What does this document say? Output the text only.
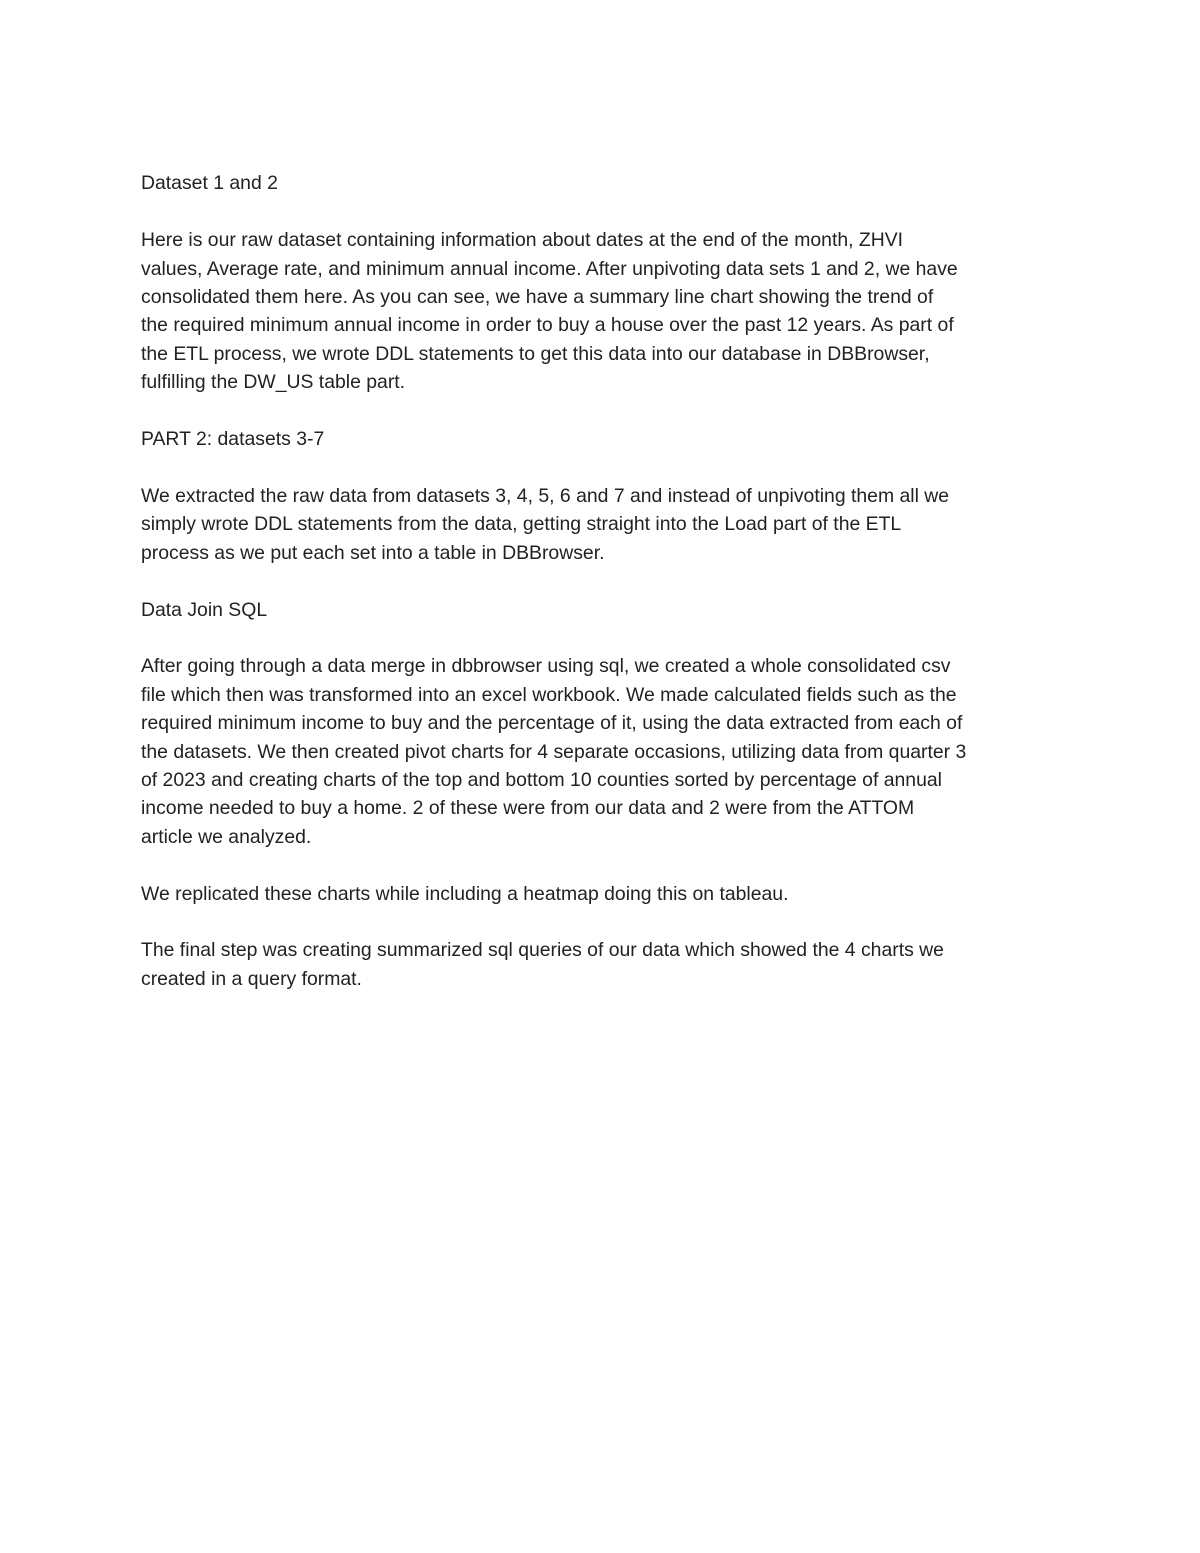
Dataset 1 and 2

Here is our raw dataset containing information about dates at the end of the month, ZHVI
values, Average rate, and minimum annual income. After unpivoting data sets 1 and 2, we have
consolidated them here. As you can see, we have a summary line chart showing the trend of
the required minimum annual income in order to buy a house over the past 12 years. As part of
the ETL process, we wrote DDL statements to get this data into our database in DBBrowser,
fulfilling the DW_US table part.

PART 2: datasets 3-7

We extracted the raw data from datasets 3, 4, 5, 6 and 7 and instead of unpivoting them all we
simply wrote DDL statements from the data, getting straight into the Load part of the ETL
process as we put each set into a table in DBBrowser.

Data Join SQL

After going through a data merge in dbbrowser using sql, we created a whole consolidated csv
file which then was transformed into an excel workbook. We made calculated fields such as the
required minimum income to buy and the percentage of it, using the data extracted from each of
the datasets. We then created pivot charts for 4 separate occasions, utilizing data from quarter 3
of 2023 and creating charts of the top and bottom 10 counties sorted by percentage of annual
income needed to buy a home. 2 of these were from our data and 2 were from the ATTOM
article we analyzed.

We replicated these charts while including a heatmap doing this on tableau.

The final step was creating summarized sql queries of our data which showed the 4 charts we
created in a query format.
